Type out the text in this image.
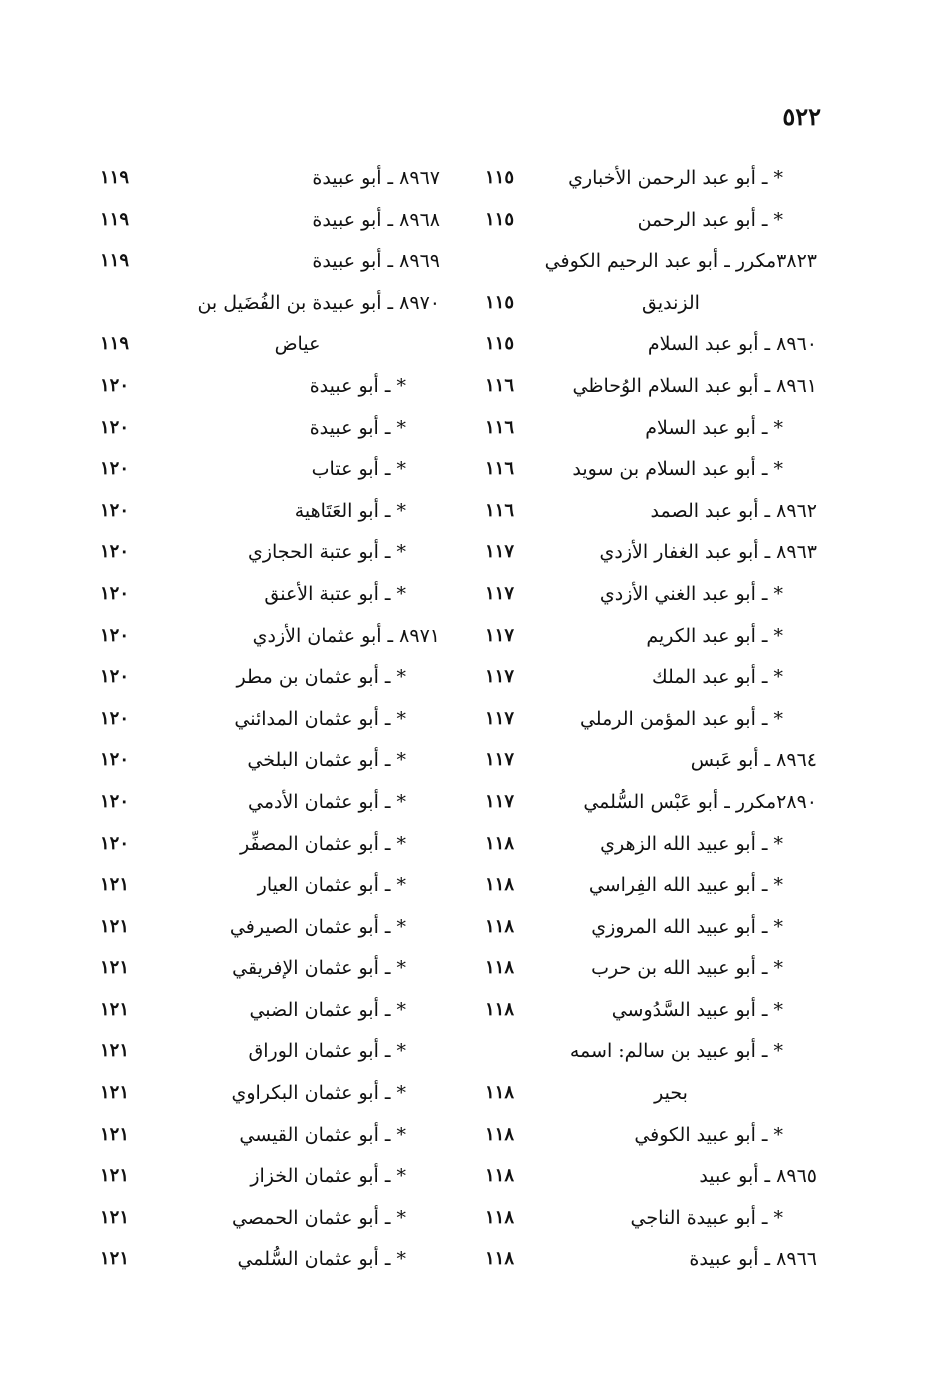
٥٢٢
* ـ أبو عبد الرحمن الأخباري
١١٥
* ـ أبو عبد الرحمن
١١٥
٣٨٢٣مكرر ـ أبو عبد الرحيم الكوفي
الزنديق
١١٥
٨٩٦٠ ـ أبو عبد السلام
١١٥
٨٩٦١ ـ أبو عبد السلام الوُحاظي
١١٦
* ـ أبو عبد السلام
١١٦
* ـ أبو عبد السلام بن سويد
١١٦
٨٩٦٢ ـ أبو عبد الصمد
١١٦
٨٩٦٣ ـ أبو عبد الغفار الأزدي
١١٧
* ـ أبو عبد الغني الأزدي
١١٧
* ـ أبو عبد الكريم
١١٧
* ـ أبو عبد الملك
١١٧
* ـ أبو عبد المؤمن الرملي
١١٧
٨٩٦٤ ـ أبو عَبس
١١٧
٢٨٩٠مكرر ـ أبو عَبْس السُّلمي
١١٧
* ـ أبو عبيد الله الزهري
١١٨
* ـ أبو عبيد الله الفِراسي
١١٨
* ـ أبو عبيد الله المروزي
١١٨
* ـ أبو عبيد الله بن حرب
١١٨
* ـ أبو عبيد السَّدُوسي
١١٨
* ـ أبو عبيد بن سالم: اسمه
بحير
١١٨
* ـ أبو عبيد الكوفي
١١٨
٨٩٦٥ ـ أبو عبيد
١١٨
* ـ أبو عبيدة الناجي
١١٨
٨٩٦٦ ـ أبو عبيدة
١١٨
٨٩٦٧ ـ أبو عبيدة
١١٩
٨٩٦٨ ـ أبو عبيدة
١١٩
٨٩٦٩ ـ أبو عبيدة
١١٩
٨٩٧٠ ـ أبو عبيدة بن الفُضَيل بن
عياض
١١٩
* ـ أبو عبيدة
١٢٠
* ـ أبو عبيدة
١٢٠
* ـ أبو عتاب
١٢٠
* ـ أبو العَتَاهية
١٢٠
* ـ أبو عتبة الحجازي
١٢٠
* ـ أبو عتبة الأعنق
١٢٠
٨٩٧١ ـ أبو عثمان الأزدي
١٢٠
* ـ أبو عثمان بن مطر
١٢٠
* ـ أبو عثمان المدائني
١٢٠
* ـ أبو عثمان البلخي
١٢٠
* ـ أبو عثمان الأدمي
١٢٠
* ـ أبو عثمان المصفِّر
١٢٠
* ـ أبو عثمان العيار
١٢١
* ـ أبو عثمان الصيرفي
١٢١
* ـ أبو عثمان الإفريقي
١٢١
* ـ أبو عثمان الضبي
١٢١
* ـ أبو عثمان الوراق
١٢١
* ـ أبو عثمان البكراوي
١٢١
* ـ أبو عثمان القيسي
١٢١
* ـ أبو عثمان الخزاز
١٢١
* ـ أبو عثمان الحمصي
١٢١
* ـ أبو عثمان السُّلمي
١٢١
